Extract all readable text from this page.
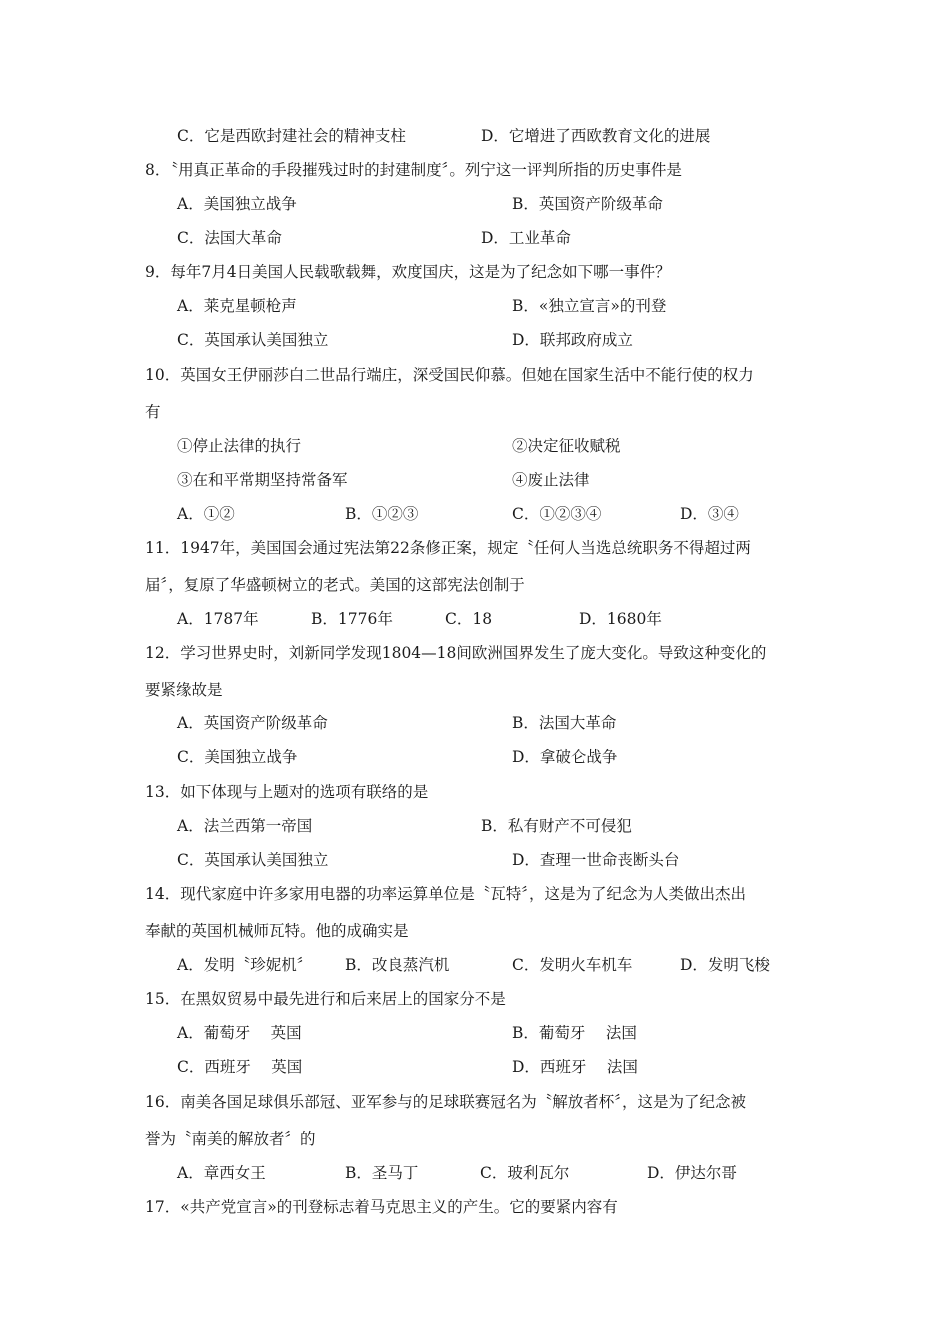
C．它是西欧封建社会的精神支柱	D．它增进了西欧教育文化的进展
8．〝用真正革命的手段摧残过时的封建制度〞。列宁这一评判所指的历史事件是
A．美国独立战争	B．英国资产阶级革命
C．法国大革命	D．工业革命
9．每年7月4日美国人民载歌载舞，欢度国庆，这是为了纪念如下哪一事件？
A．莱克星顿枪声	B．«独立宣言»的刊登
C．英国承认美国独立	D．联邦政府成立
10．英国女王伊丽莎白二世品行端庄，深受国民仰慕。但她在国家生活中不能行使的权力
有
①停止法律的执行	②决定征收赋税
③在和平常期坚持常备军	④废止法律
A．①②	B．①②③	C．①②③④	D．③④
11．1947年，美国国会通过宪法第22条修正案，规定〝任何人当选总统职务不得超过两
届〞，复原了华盛顿树立的老式。美国的这部宪法创制于
A．1787年	B．1776年	C．18	D．1680年
12．学习世界史时，刘新同学发现1804—18间欧洲国界发生了庞大变化。导致这种变化的
要紧缘故是
A．英国资产阶级革命	B．法国大革命
C．美国独立战争	D．拿破仑战争
13．如下体现与上题对的选项有联络的是
A．法兰西第一帝国	B．私有财产不可侵犯
C．英国承认美国独立	D．查理一世命丧断头台
14．现代家庭中许多家用电器的功率运算单位是〝瓦特〞，这是为了纪念为人类做出杰出
奉献的英国机械师瓦特。他的成确实是
A．发明〝珍妮机〞 B．改良蒸汽机	C．发明火车机车	D．发明飞梭
15．在黑奴贸易中最先进行和后来居上的国家分不是
A．葡萄牙　 英国	B．葡萄牙　 法国
C．西班牙　 英国	D．西班牙　 法国
16．南美各国足球俱乐部冠、亚军参与的足球联赛冠名为〝解放者杯〞，这是为了纪念被
誉为〝南美的解放者〞的
A．章西女王	B．圣马丁	C．玻利瓦尔	D．伊达尔哥
17．«共产党宣言»的刊登标志着马克思主义的产生。它的要紧内容有
